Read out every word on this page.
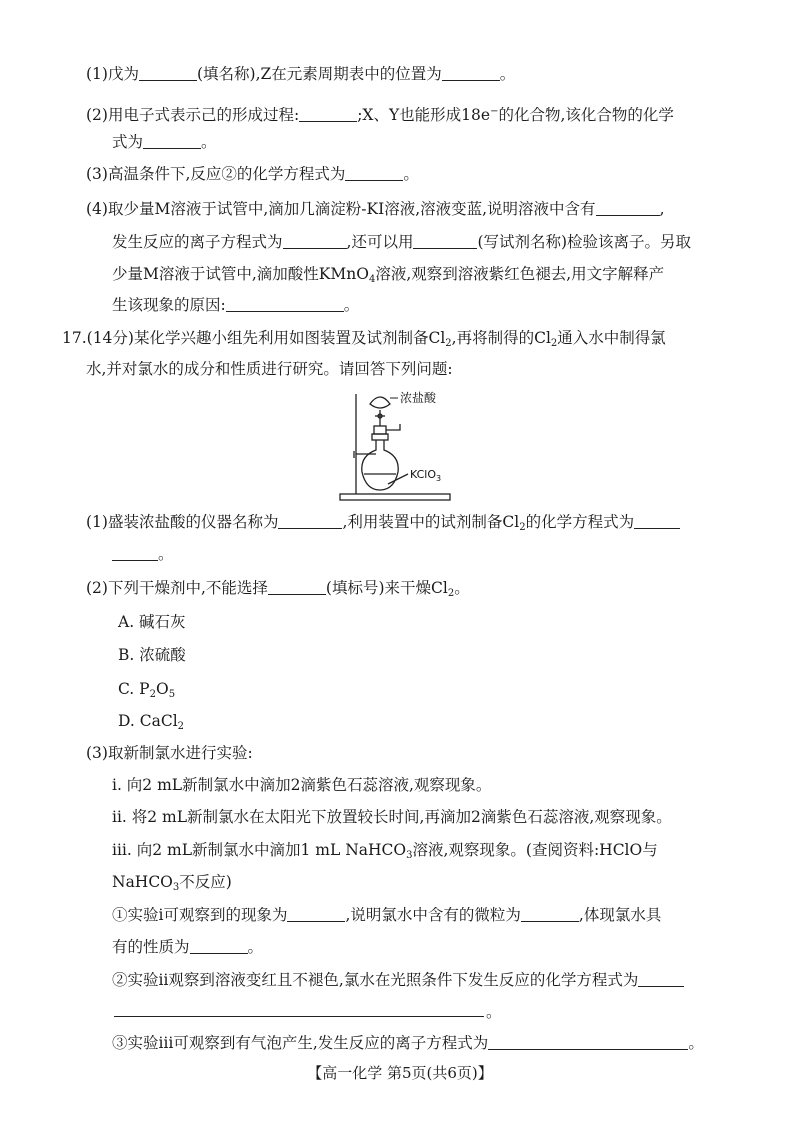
(1)戊为	(填名称),Z在元素周期表中的位置为	。
(2)用电子式表示己的形成过程:	;X、Y也能形成18e−的化合物,该化合物的化学
式为	。
(3)高温条件下,反应②的化学方程式为	。
(4)取少量M溶液于试管中,滴加几滴淀粉-KI溶液,溶液变蓝,说明溶液中含有	,
发生反应的离子方程式为	,还可以用	(写试剂名称)检验该离子。另取
少量M溶液于试管中,滴加酸性KMnO$_4$溶液,观察到溶液紫红色褪去,用文字解释产
生该现象的原因:	。
17.(14分)某化学兴趣小组先利用如图装置及试剂制备$Cl_2$,再将制得的$Cl_2$通入水中制得氯
水,并对氯水的成分和性质进行研究。请回答下列问题:
浓盐酸
KClO$_3$
(1)盛装浓盐酸的仪器名称为	,利用装置中的试剂制备$Cl_2$的化学方程式为
。
(2)下列干燥剂中,不能选择	(填标号)来干燥$Cl_2$。
A. 碱石灰
B. 浓硫酸
C. $P_2O_5$
D. CaCl$_2$
(3)取新制氯水进行实验:
ⅰ. 向2 mL新制氯水中滴加2滴紫色石蕊溶液,观察现象。
ⅱ. 将2 mL新制氯水在太阳光下放置较长时间,再滴加2滴紫色石蕊溶液,观察现象。
ⅲ. 向2 mL新制氯水中滴加1 mL NaHCO$_3$溶液,观察现象。(查阅资料:HClO与
NaHCO$_3$不反应)
①实验ⅰ可观察到的现象为	,说明氯水中含有的微粒为	,体现氯水具
有的性质为	。
②实验ⅱ观察到溶液变红且不褪色,氯水在光照条件下发生反应的化学方程式为
。
③实验ⅲ可观察到有气泡产生,发生反应的离子方程式为	。
【高一化学 第5页(共6页)】
